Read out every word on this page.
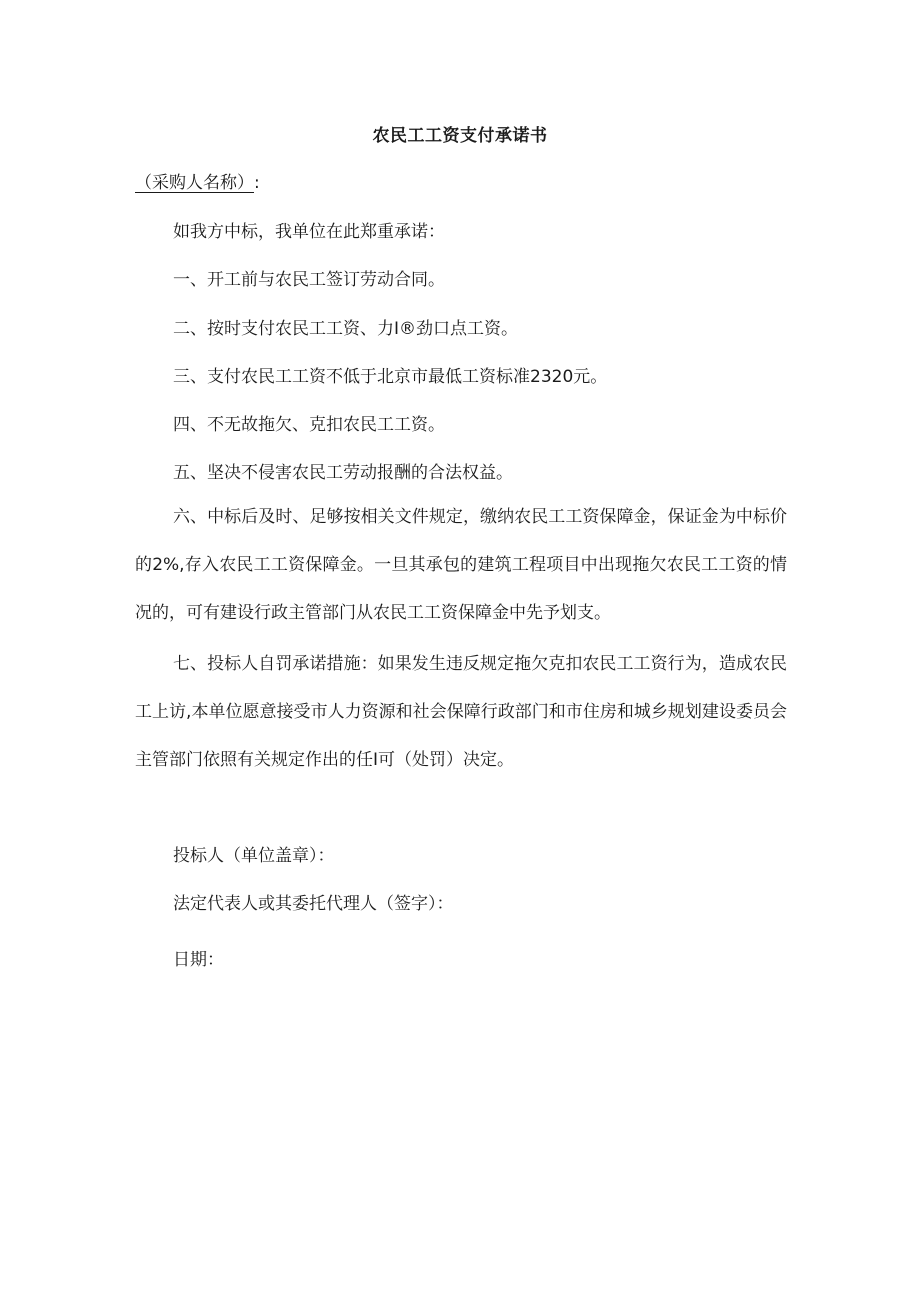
农民工工资支付承诺书
（采购人名称）:
如我方中标，我单位在此郑重承诺：
一、开工前与农民工签订劳动合同。
二、按时支付农民工工资、力I®劲口点工资。
三、支付农民工工资不低于北京市最低工资标准2320元。
四、不无故拖欠、克扣农民工工资。
五、坚决不侵害农民工劳动报酬的合法权益。

六、中标后及时、足够按相关文件规定，缴纳农民工工资保障金，保证金为中标价的2%,存入农民工工资保障金。一旦其承包的建筑工程项目中出现拖欠农民工工资的情况的，可有建设行政主管部门从农民工工资保障金中先予划支。

七、投标人自罚承诺措施：如果发生违反规定拖欠克扣农民工工资行为，造成农民工上访,本单位愿意接受市人力资源和社会保障行政部门和市住房和城乡规划建设委员会主管部门依照有关规定作出的任I可（处罚）决定。

投标人（单位盖章）：
法定代表人或其委托代理人（签字）：
日期：
